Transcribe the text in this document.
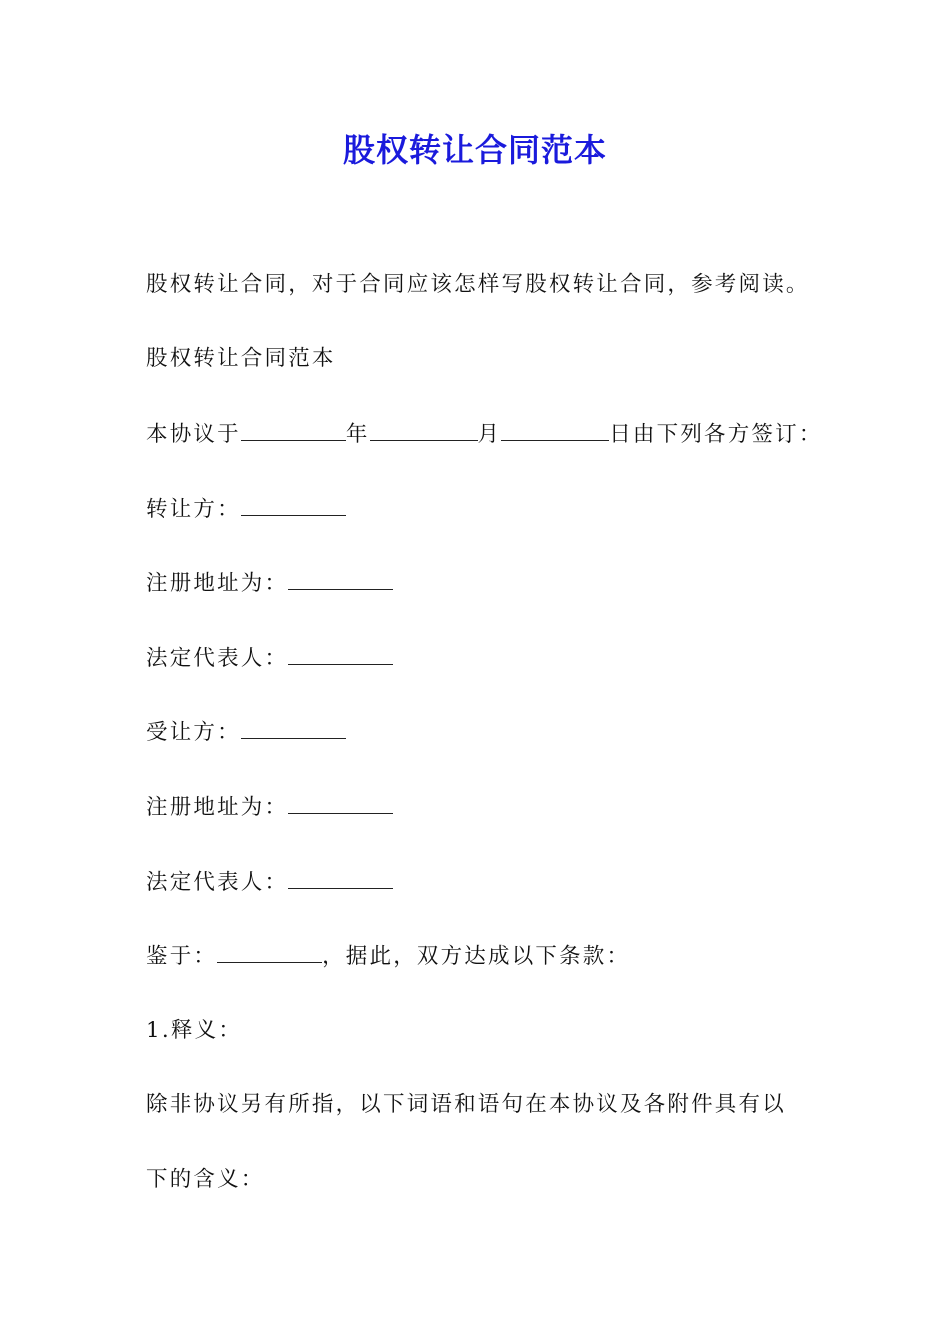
股权转让合同范本
股权转让合同，对于合同应该怎样写股权转让合同，参考阅读。
股权转让合同范本
本协议于	年	月	日由下列各方签订：
转让方：
注册地址为：
法定代表人：
受让方：
注册地址为：
法定代表人：
鉴于：	，据此，双方达成以下条款：
1.释义：
除非协议另有所指，以下词语和语句在本协议及各附件具有以
下的含义：
